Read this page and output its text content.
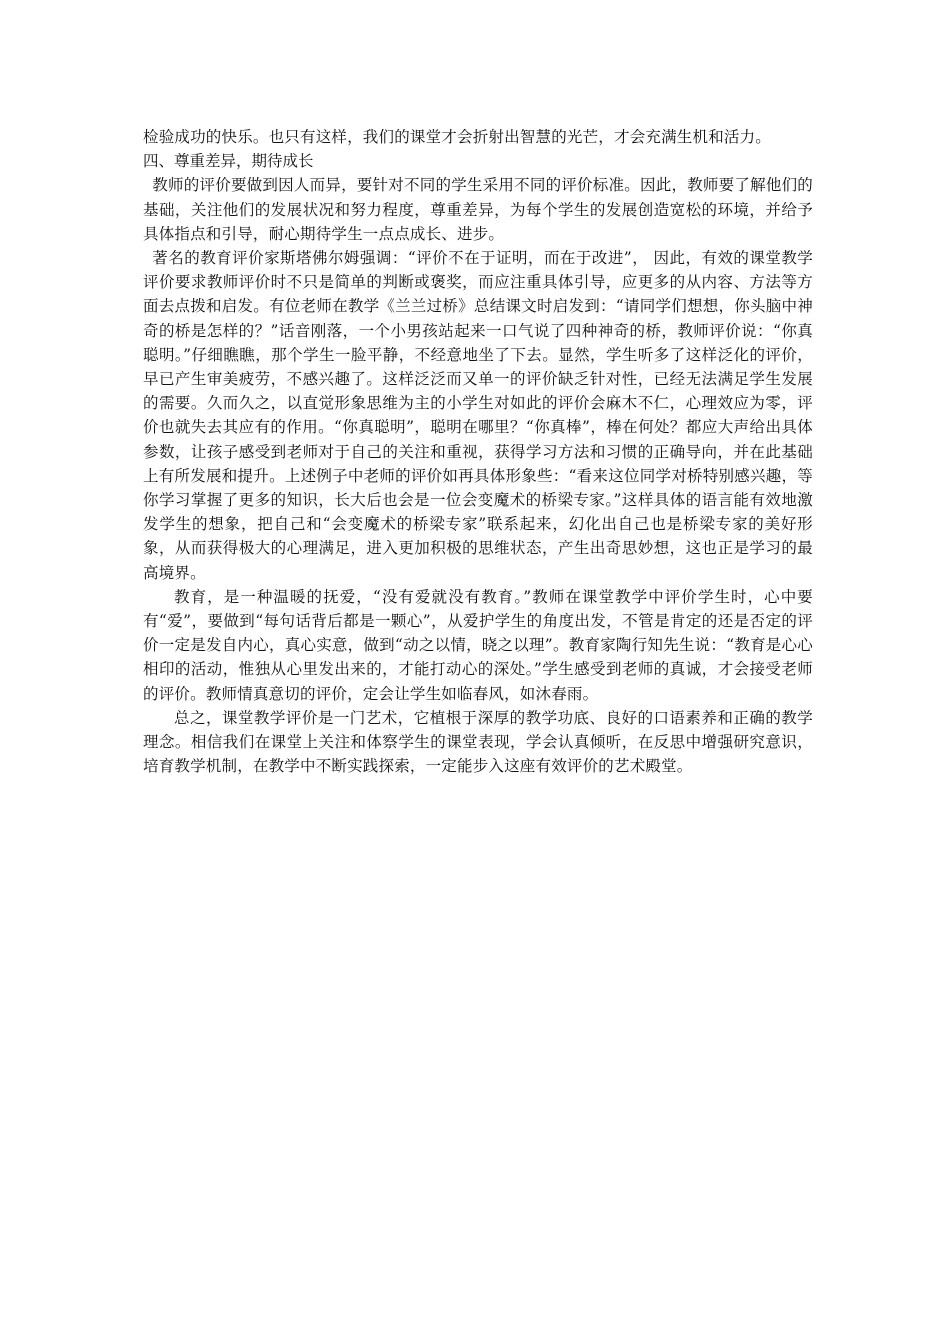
检验成功的快乐。也只有这样，我们的课堂才会折射出智慧的光芒，才会充满生机和活力。

四、尊重差异，期待成长

教师的评价要做到因人而异，要针对不同的学生采用不同的评价标准。因此，教师要了解他们的基础，关注他们的发展状况和努力程度，尊重差异，为每个学生的发展创造宽松的环境，并给予具体指点和引导，耐心期待学生一点点成长、进步。

著名的教育评价家斯塔佛尔姆强调：“评价不在于证明，而在于改进”， 因此，有效的课堂教学评价要求教师评价时不只是简单的判断或褒奖，而应注重具体引导，应更多的从内容、方法等方面去点拨和启发。有位老师在教学《兰兰过桥》总结课文时启发到：“请同学们想想，你头脑中神奇的桥是怎样的？”话音刚落，一个小男孩站起来一口气说了四种神奇的桥，教师评价说：“你真聪明。”仔细瞧瞧，那个学生一脸平静，不经意地坐了下去。显然，学生听多了这样泛化的评价，早已产生审美疲劳，不感兴趣了。这样泛泛而又单一的评价缺乏针对性，已经无法满足学生发展的需要。久而久之，以直觉形象思维为主的小学生对如此的评价会麻木不仁，心理效应为零，评价也就失去其应有的作用。“你真聪明”，聪明在哪里？“你真棒”，棒在何处？都应大声给出具体参数，让孩子感受到老师对于自己的关注和重视，获得学习方法和习惯的正确导向，并在此基础上有所发展和提升。上述例子中老师的评价如再具体形象些：“看来这位同学对桥特别感兴趣，等你学习掌握了更多的知识，长大后也会是一位会变魔术的桥梁专家。”这样具体的语言能有效地激发学生的想象，把自己和“会变魔术的桥梁专家”联系起来，幻化出自己也是桥梁专家的美好形象，从而获得极大的心理满足，进入更加积极的思维状态，产生出奇思妙想，这也正是学习的最高境界。

教育，是一种温暖的抚爱，“没有爱就没有教育。”教师在课堂教学中评价学生时，心中要有“爱”，要做到“每句话背后都是一颗心”，从爱护学生的角度出发，不管是肯定的还是否定的评价一定是发自内心，真心实意，做到“动之以情，晓之以理”。教育家陶行知先生说：“教育是心心相印的活动，惟独从心里发出来的，才能打动心的深处。”学生感受到老师的真诚，才会接受老师的评价。教师情真意切的评价，定会让学生如临春风，如沐春雨。

总之，课堂教学评价是一门艺术，它植根于深厚的教学功底、良好的口语素养和正确的教学理念。相信我们在课堂上关注和体察学生的课堂表现，学会认真倾听，在反思中增强研究意识，培育教学机制，在教学中不断实践探索，一定能步入这座有效评价的艺术殿堂。
